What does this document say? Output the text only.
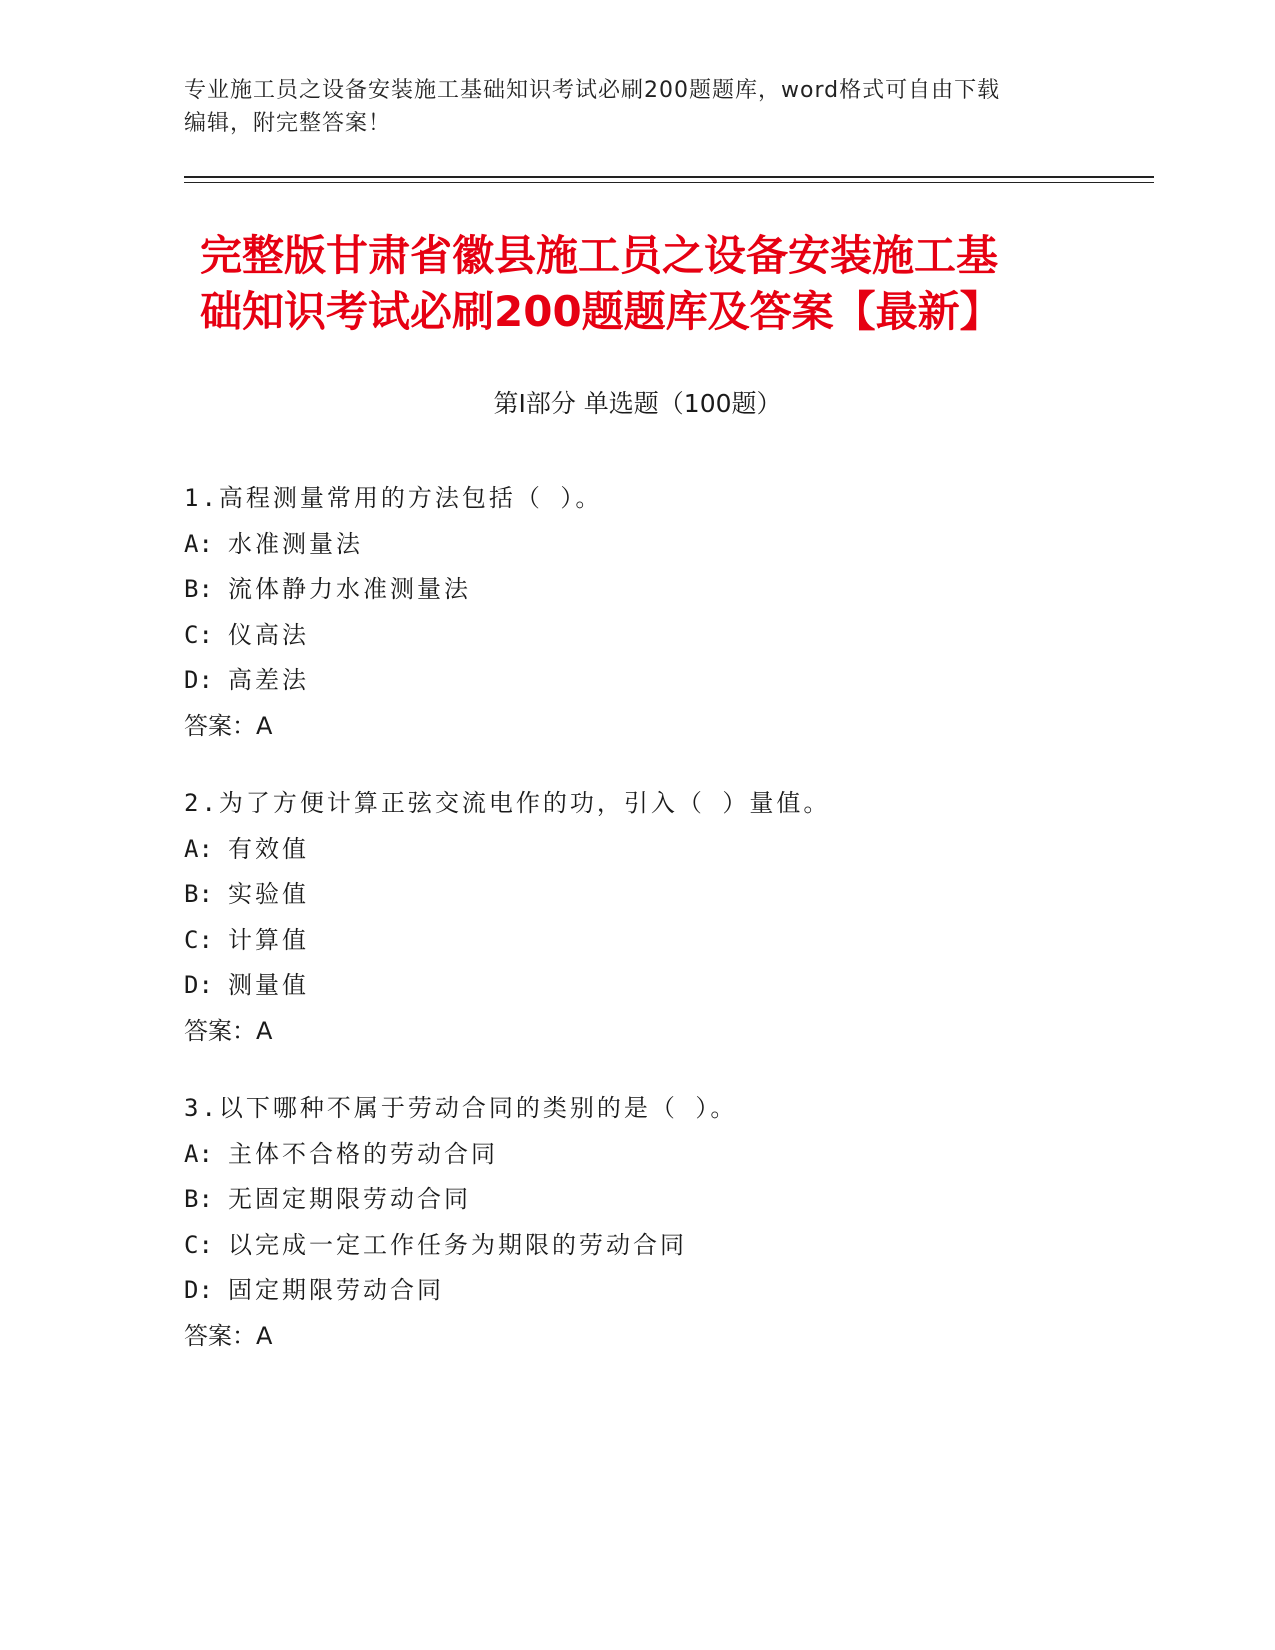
专业施工员之设备安装施工基础知识考试必刷200题题库，word格式可自由下载
编辑，附完整答案！
完整版甘肃省徽县施工员之设备安装施工基
础知识考试必刷200题题库及答案【最新】
第Ⅰ部分 单选题（100题）
1.高程测量常用的方法包括（ ）。
A: 水准测量法
B: 流体静力水准测量法
C: 仪高法
D: 高差法
答案：A
2.为了方便计算正弦交流电作的功，引入（ ）量值。
A: 有效值
B: 实验值
C: 计算值
D: 测量值
答案：A
3.以下哪种不属于劳动合同的类别的是（ ）。
A: 主体不合格的劳动合同
B: 无固定期限劳动合同
C: 以完成一定工作任务为期限的劳动合同
D: 固定期限劳动合同
答案：A
